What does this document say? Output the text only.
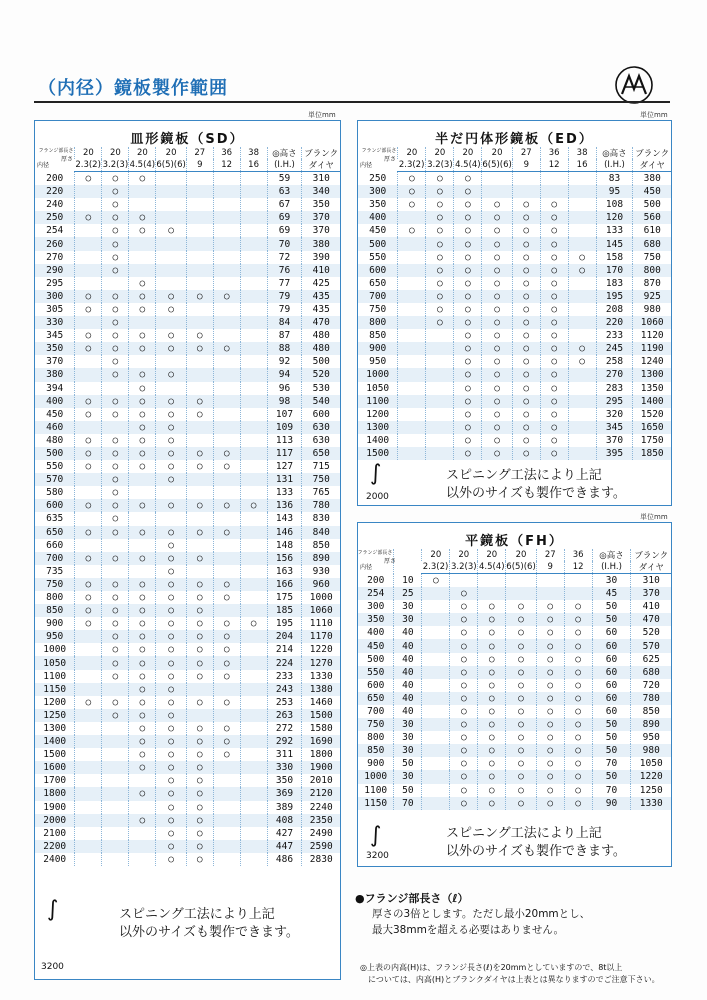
（内径）鏡板製作範囲
単位mm	単位mm
単位mm
皿形鏡板（SD）
フランジ部長さ
厚さ
内径	20	20	20	20	27	36	38	◎高さ	ブランク
	2.3(2)	3.2(3)	4.5(4)	6(5)(6)	9	12	16	(I.H.)	ダイヤ
200	○	○	○					59	310
220		○						63	340
240		○						67	350
250	○	○	○					69	370
254		○	○	○				69	370
260		○						70	380
270		○						72	390
290		○						76	410
295			○					77	425
300	○	○	○	○	○	○		79	435
305	○	○	○	○				79	435
330		○						84	470
345	○	○	○	○	○			87	480
350	○	○	○	○	○	○		88	480
370		○						92	500
380		○	○	○				94	520
394			○					96	530
400	○	○	○	○	○			98	540
450	○	○	○	○	○			107	600
460			○	○				109	630
480	○	○	○	○				113	630
500	○	○	○	○	○	○		117	650
550	○	○	○	○	○	○		127	715
570		○		○				131	750
580		○						133	765
600	○	○	○	○	○	○	○	136	780
635		○						143	830
650	○	○	○	○	○	○		146	840
660				○				148	850
700	○	○	○	○	○			156	890
735				○				163	930
750	○	○	○	○	○	○		166	960
800	○	○	○	○	○	○		175	1000
850	○	○	○	○	○			185	1060
900	○	○	○	○	○	○	○	195	1110
950		○	○	○	○	○		204	1170
1000		○	○	○	○	○		214	1220
1050		○	○	○	○	○		224	1270
1100		○	○	○	○	○		233	1330
1150			○	○				243	1380
1200	○	○	○	○	○	○		253	1460
1250		○	○	○				263	1500
1300			○	○	○	○		272	1580
1400			○	○	○	○		292	1690
1500			○	○	○	○		311	1800
1600			○	○	○			330	1900
1700				○	○			350	2010
1800			○	○	○			369	2120
1900				○	○			389	2240
2000			○	○	○			408	2350
2100				○	○			427	2490
2200				○	○			447	2590
2400				○	○			486	2830
∫	スピニング工法により上記
以外のサイズも製作できます。
3200
半だ円体形鏡板（ED）
フランジ部長さ
厚さ
内径	20	20	20	20	27	36	38	◎高さ	ブランク
	2.3(2)	3.2(3)	4.5(4)	6(5)(6)	9	12	16	(I.H.)	ダイヤ
250	○	○	○					83	380
300	○	○	○					95	450
350	○	○	○	○	○	○		108	500
400		○	○	○	○	○		120	560
450	○	○	○	○	○	○		133	610
500		○	○	○	○	○		145	680
550		○	○	○	○	○	○	158	750
600		○	○	○	○	○	○	170	800
650		○	○	○	○	○		183	870
700		○	○	○	○	○		195	925
750		○	○	○	○	○		208	980
800		○	○	○	○	○		220	1060
850			○	○	○	○		233	1120
900			○	○	○	○	○	245	1190
950			○	○	○	○	○	258	1240
1000			○	○	○	○		270	1300
1050			○	○	○	○		283	1350
1100			○	○	○	○		295	1400
1200			○	○	○	○		320	1520
1300			○	○	○	○		345	1650
1400			○	○	○	○		370	1750
1500			○	○	○	○		395	1850
∫	スピニング工法により上記
以外のサイズも製作できます。
2000
平鏡板（FH）
フランジ部長さ
厚さ
内径		20	20	20	20	27	36	◎高さ	ブランク
		2.3(2)	3.2(3)	4.5(4)	6(5)(6)	9	12	(I.H.)	ダイヤ
200	10	○						30	310
254	25		○					45	370
300	30		○	○	○	○	○	50	410
350	30		○	○	○	○	○	50	470
400	40		○	○	○	○	○	60	520
450	40		○	○	○	○	○	60	570
500	40		○	○	○	○	○	60	625
550	40		○	○	○	○	○	60	680
600	40		○	○	○	○	○	60	720
650	40		○	○	○	○	○	60	780
700	40		○	○	○	○	○	60	850
750	30		○	○	○	○	○	50	890
800	30		○	○	○	○	○	50	950
850	30		○	○	○	○	○	50	980
900	50		○	○	○	○	○	70	1050
1000	30		○	○	○	○	○	50	1220
1100	50		○	○	○	○	○	70	1250
1150	70		○	○	○	○	○	90	1330
∫	スピニング工法により上記
以外のサイズも製作できます。
3200
●フランジ部長さ（ℓ）
厚さの3倍とします。ただし最小20mmとし、
最大38mmを超える必要はありません。
◎上表の内高(H)は、フランジ長さ(ℓ)を20mmとしていますので、8t以上
　については、内高(H)とブランクダイヤは上表とは異なりますのでご注意下さい。
